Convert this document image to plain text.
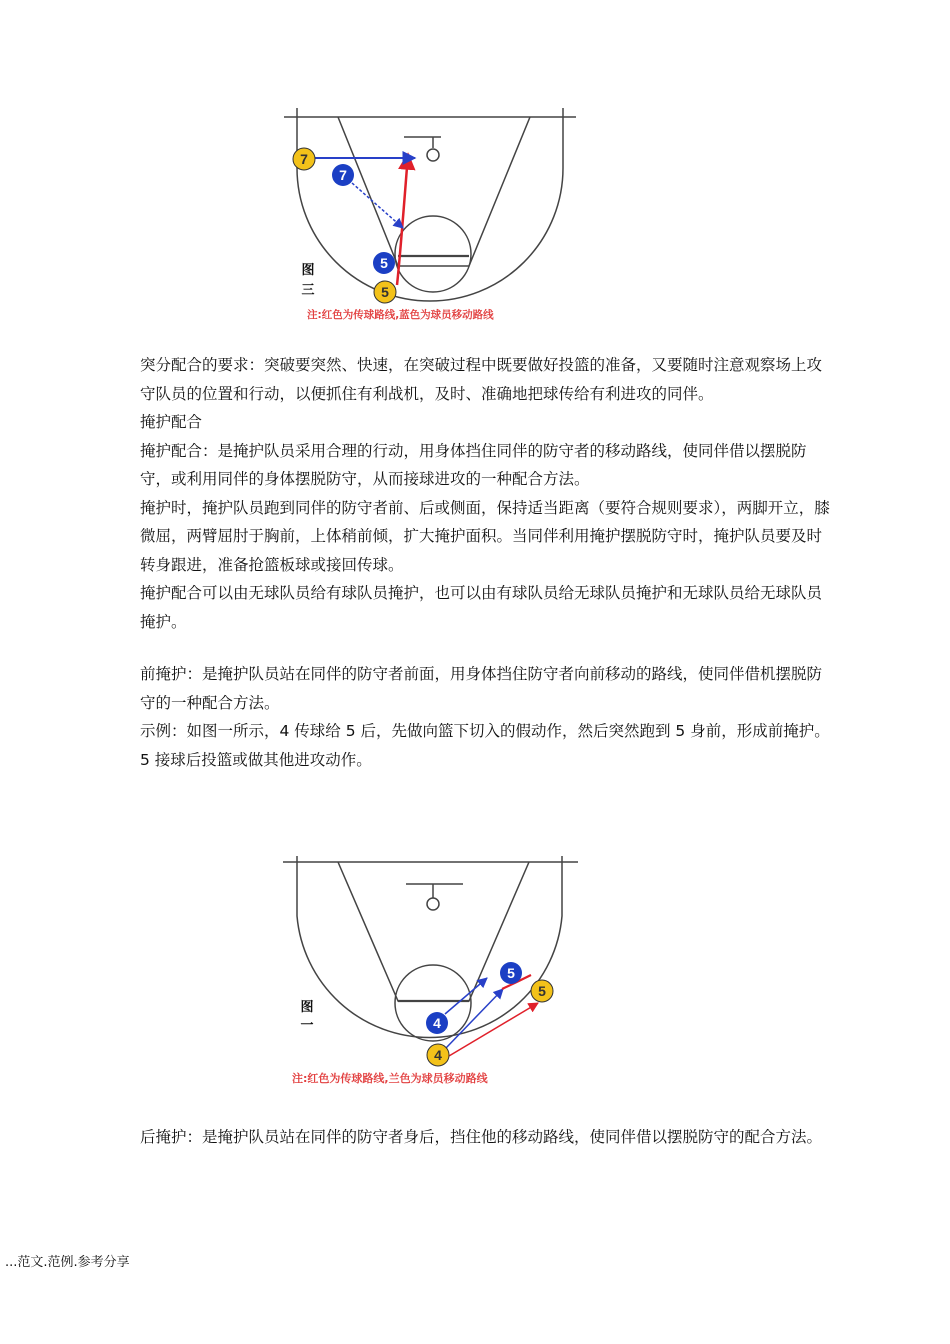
7
7
5
5
图
三
注:红色为传球路线,蓝色为球员移动路线

突分配合的要求：突破要突然、快速，在突破过程中既要做好投篮的准备，又要随时注意观察场上攻守队员的位置和行动，以便抓住有利战机，及时、准确地把球传给有利进攻的同伴。

掩护配合

掩护配合：是掩护队员采用合理的行动，用身体挡住同伴的防守者的移动路线，使同伴借以摆脱防守，或利用同伴的身体摆脱防守，从而接球进攻的一种配合方法。

掩护时，掩护队员跑到同伴的防守者前、后或侧面，保持适当距离（要符合规则要求），两脚开立，膝微屈，两臂屈肘于胸前，上体稍前倾，扩大掩护面积。当同伴利用掩护摆脱防守时，掩护队员要及时转身跟进，准备抢篮板球或接回传球。

掩护配合可以由无球队员给有球队员掩护，也可以由有球队员给无球队员掩护和无球队员给无球队员掩护。

前掩护：是掩护队员站在同伴的防守者前面，用身体挡住防守者向前移动的路线，使同伴借机摆脱防守的一种配合方法。

示例：如图一所示，4 传球给 5 后，先做向篮下切入的假动作，然后突然跑到 5 身前，形成前掩护。5 接球后投篮或做其他进攻动作。

5
5
4
4
图
一
注:红色为传球路线,兰色为球员移动路线

后掩护：是掩护队员站在同伴的防守者身后，挡住他的移动路线，使同伴借以摆脱防守的配合方法。

...范文.范例.参考分享
